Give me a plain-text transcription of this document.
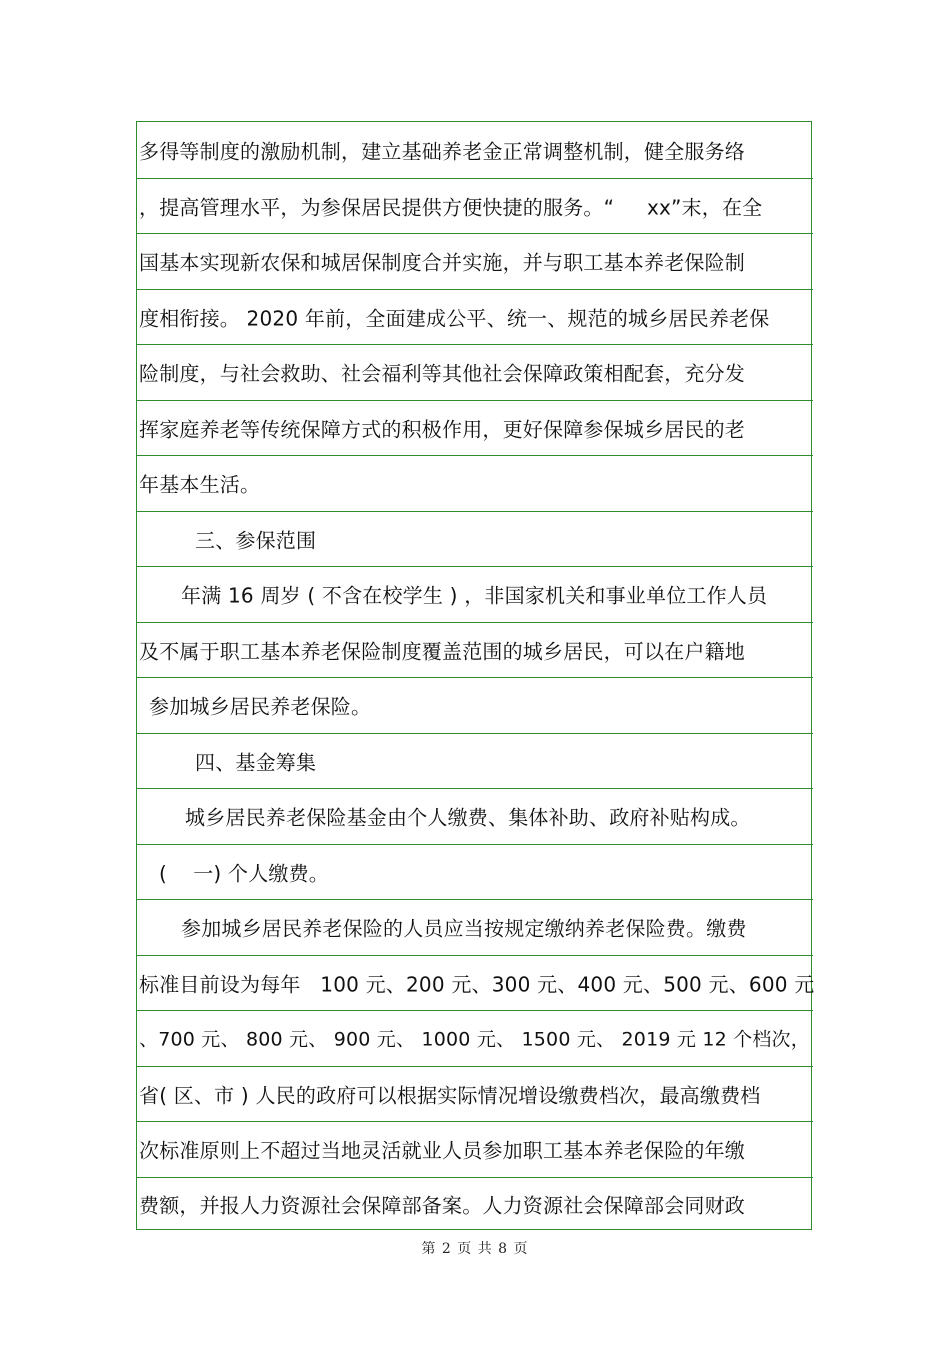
多得等制度的激励机制，建立基础养老金正常调整机制，健全服务络
，提高管理水平，为参保居民提供方便快捷的服务。“     xx”末，在全
国基本实现新农保和城居保制度合并实施，并与职工基本养老保险制
度相衔接。 2020 年前，全面建成公平、统一、规范的城乡居民养老保
险制度，与社会救助、社会福利等其他社会保障政策相配套，充分发
挥家庭养老等传统保障方式的积极作用，更好保障参保城乡居民的老
年基本生活。
三、参保范围
年满 16 周岁 ( 不含在校学生 ) ，非国家机关和事业单位工作人员
及不属于职工基本养老保险制度覆盖范围的城乡居民，可以在户籍地
参加城乡居民养老保险。
四、基金筹集
城乡居民养老保险基金由个人缴费、集体补助、政府补贴构成。
(    一) 个人缴费。
参加城乡居民养老保险的人员应当按规定缴纳养老保险费。缴费
标准目前设为每年   100 元、200 元、300 元、400 元、500 元、600 元
、700 元、 800 元、 900 元、 1000 元、 1500 元、 2019 元 12 个档次，
省( 区、市 ) 人民的政府可以根据实际情况增设缴费档次，最高缴费档
次标准原则上不超过当地灵活就业人员参加职工基本养老保险的年缴
费额，并报人力资源社会保障部备案。人力资源社会保障部会同财政
第 2 页 共 8 页
